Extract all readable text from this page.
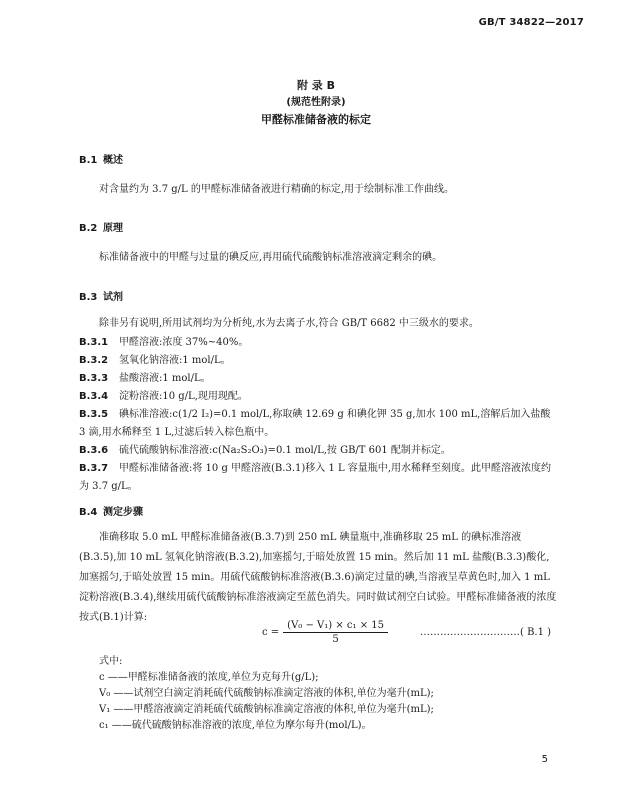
GB/T 34822—2017
附 录 B
(规范性附录)
甲醛标准储备液的标定
B.1 概述
对含量约为 3.7 g/L 的甲醛标准储备液进行精确的标定,用于绘制标准工作曲线。
B.2 原理
标准储备液中的甲醛与过量的碘反应,再用硫代硫酸钠标准溶液滴定剩余的碘。
B.3 试剂
除非另有说明,所用试剂均为分析纯,水为去离子水,符合 GB/T 6682 中三级水的要求。
B.3.1 甲醛溶液:浓度 37%~40%。
B.3.2 氢氧化钠溶液:1 mol/L。
B.3.3 盐酸溶液:1 mol/L。
B.3.4 淀粉溶液:10 g/L,现用现配。
B.3.5 碘标准溶液:c(1/2 I₂)=0.1 mol/L,称取碘 12.69 g 和碘化钾 35 g,加水 100 mL,溶解后加入盐酸 3 滴,用水稀释至 1 L,过滤后转入棕色瓶中。
B.3.6 硫代硫酸钠标准溶液:c(Na₂S₂O₃)=0.1 mol/L,按 GB/T 601 配制并标定。
B.3.7 甲醛标准储备液:将 10 g 甲醛溶液(B.3.1)移入 1 L 容量瓶中,用水稀释至刻度。此甲醛溶液浓度约为 3.7 g/L。
B.4 测定步骤
准确移取 5.0 mL 甲醛标准储备液(B.3.7)到 250 mL 碘量瓶中,准确移取 25 mL 的碘标准溶液(B.3.5),加 10 mL 氢氧化钠溶液(B.3.2),加塞摇匀,于暗处放置 15 min。然后加 11 mL 盐酸(B.3.3)酸化,加塞摇匀,于暗处放置 15 min。用硫代硫酸钠标准溶液(B.3.6)滴定过量的碘,当溶液呈草黄色时,加入 1 mL 淀粉溶液(B.3.4),继续用硫代硫酸钠标准溶液滴定至蓝色消失。同时做试剂空白试验。甲醛标准储备液的浓度按式(B.1)计算:
$c = \frac{\text{(V₀ − V₁) × c₁ × 15}}{5}$	…………………………( B.1 )
式中:
c ——甲醛标准储备液的浓度,单位为克每升(g/L);
V₀ ——试剂空白滴定消耗硫代硫酸钠标准滴定溶液的体积,单位为毫升(mL);
V₁ ——甲醛溶液滴定消耗硫代硫酸钠标准滴定溶液的体积,单位为毫升(mL);
c₁ ——硫代硫酸钠标准溶液的浓度,单位为摩尔每升(mol/L)。
5
